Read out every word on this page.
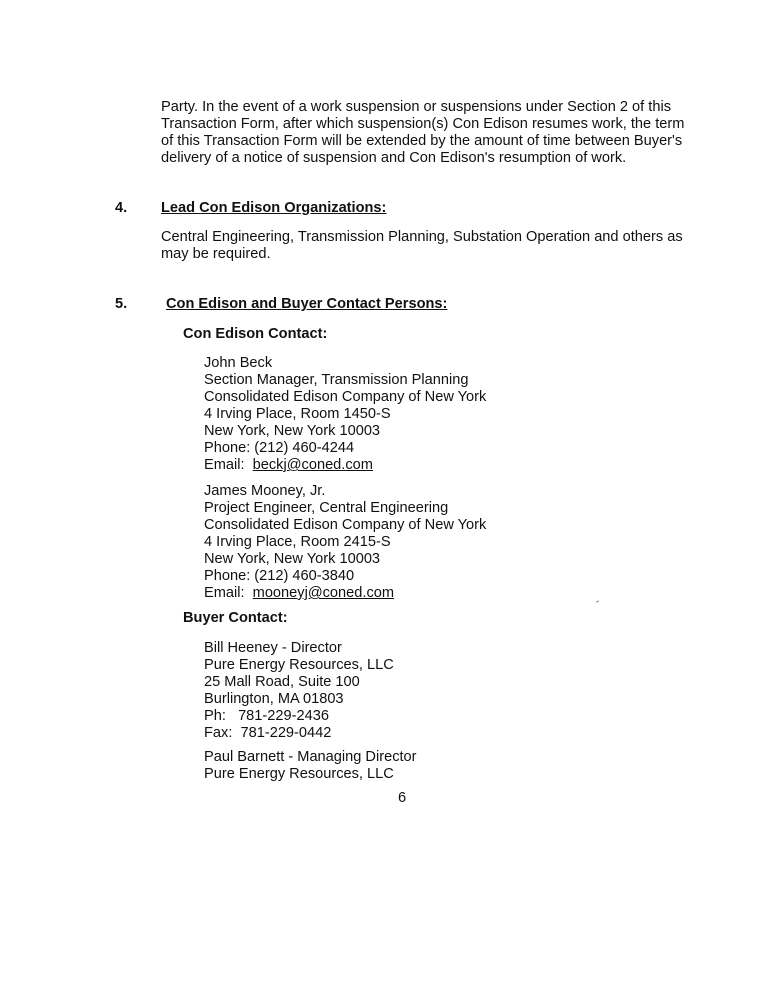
Party. In the event of a work suspension or suspensions under Section 2 of this
Transaction Form, after which suspension(s) Con Edison resumes work, the term
of this Transaction Form will be extended by the amount of time between Buyer's
delivery of a notice of suspension and Con Edison's resumption of work.
4. Lead Con Edison Organizations:
Central Engineering, Transmission Planning, Substation Operation and others as
may be required.
5.	Con Edison and Buyer Contact Persons:
Con Edison Contact:
John Beck
Section Manager, Transmission Planning
Consolidated Edison Company of New York
4 Irving Place, Room 1450-S
New York, New York 10003
Phone: (212) 460-4244
Email: beckj@coned.com
James Mooney, Jr.
Project Engineer, Central Engineering
Consolidated Edison Company of New York
4 Irving Place, Room 2415-S
New York, New York 10003
Phone: (212) 460-3840
Email: mooneyj@coned.com
Buyer Contact:
Bill Heeney - Director
Pure Energy Resources, LLC
25 Mall Road, Suite 100
Burlington, MA 01803
Ph:   781-229-2436
Fax:  781-229-0442
Paul Barnett - Managing Director
Pure Energy Resources, LLC
6
